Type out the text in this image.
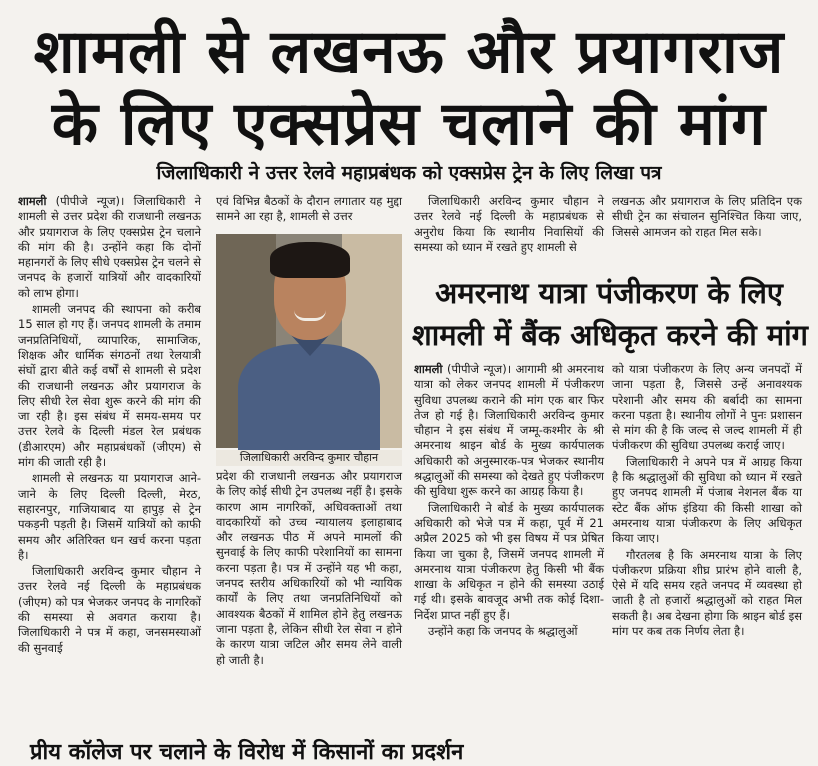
शामली से लखनऊ और प्रयागराज
के लिए एक्सप्रेस चलाने की मांग
जिलाधिकारी ने उत्तर रेलवे महाप्रबंधक को एक्सप्रेस ट्रेन के लिए लिखा पत्र

शामली (पीपीजे न्यूज)। जिलाधिकारी ने शामली से उत्तर प्रदेश की राजधानी लखनऊ और प्रयागराज के लिए एक्सप्रेस ट्रेन चलाने की मांग की है। उन्होंने कहा कि दोनों महानगरों के लिए सीधे एक्सप्रेस ट्रेन चलने से जनपद के हजारों यात्रियों और वादकारियों को लाभ होगा।

शामली जनपद की स्थापना को करीब 15 साल हो गए हैं। जनपद शामली के तमाम जनप्रतिनिधियों, व्यापारिक, सामाजिक, शिक्षक और धार्मिक संगठनों तथा रेलयात्री संघों द्वारा बीते कई वर्षों से शामली से प्रदेश की राजधानी लखनऊ और प्रयागराज के लिए सीधी रेल सेवा शुरू करने की मांग की जा रही है। इस संबंध में समय-समय पर उत्तर रेलवे के दिल्ली मंडल रेल प्रबंधक (डीआरएम) और महाप्रबंधकों (जीएम) से मांग की जाती रही है।

शामली से लखनऊ या प्रयागराज आने-जाने के लिए दिल्ली दिल्ली, मेरठ, सहारनपुर, गाजियाबाद या हापुड़ से ट्रेन पकड़नी पड़ती है। जिसमें यात्रियों को काफी समय और अतिरिक्त धन खर्च करना पड़ता है।

जिलाधिकारी अरविन्द कुमार चौहान ने उत्तर रेलवे नई दिल्ली के महाप्रबंधक (जीएम) को पत्र भेजकर जनपद के नागरिकों की समस्या से अवगत कराया है।जिलाधिकारी ने पत्र में कहा, जनसमस्याओं की सुनवाई

एवं विभिन्न बैठकों के दौरान लगातार यह मुद्दा सामने आ रहा है, शामली से उत्तर

जिलाधिकारी अरविन्द कुमार चौहान

प्रदेश की राजधानी लखनऊ और प्रयागराज के लिए कोई सीधी ट्रेन उपलब्ध नहीं है। इसके कारण आम नागरिकों, अधिवक्ताओं तथा वादकारियों को उच्च न्यायालय इलाहाबाद और लखनऊ पीठ में अपने मामलों की सुनवाई के लिए काफी परेशानियों का सामना करना पड़ता है। पत्र में उन्होंने यह भी कहा, जनपद स्तरीय अधिकारियों को भी न्यायिक कार्यों के लिए तथा जनप्रतिनिधियों को आवश्यक बैठकों में शामिल होने हेतु लखनऊ जाना पड़ता है, लेकिन सीधी रेल सेवा न होने के कारण यात्रा जटिल और समय लेने वाली हो जाती है।

जिलाधिकारी अरविन्द कुमार चौहान ने उत्तर रेलवे नई दिल्ली के महाप्रबंधक से अनुरोध किया कि स्थानीय निवासियों की समस्या को ध्यान में रखते हुए शामली से

लखनऊ और प्रयागराज के लिए प्रतिदिन एक सीधी ट्रेन का संचालन सुनिश्चित किया जाए, जिससे आमजन को राहत मिल सके।

अमरनाथ यात्रा पंजीकरण के लिए
शामली में बैंक अधिकृत करने की मांग

शामली (पीपीजे न्यूज)। आगामी श्री अमरनाथ यात्रा को लेकर जनपद शामली में पंजीकरण सुविधा उपलब्ध कराने की मांग एक बार फिर तेज हो गई है। जिलाधिकारी अरविन्द कुमार चौहान ने इस संबंध में जम्मू-कश्मीर के श्री अमरनाथ श्राइन बोर्ड के मुख्य कार्यपालक अधिकारी को अनुस्मारक-पत्र भेजकर स्थानीय श्रद्धालुओं की समस्या को देखते हुए पंजीकरण की सुविधा शुरू करने का आग्रह किया है।

जिलाधिकारी ने बोर्ड के मुख्य कार्यपालक अधिकारी को भेजे पत्र में कहा, पूर्व में 21 अप्रैल 2025 को भी इस विषय में पत्र प्रेषित किया जा चुका है, जिसमें जनपद शामली में अमरनाथ यात्रा पंजीकरण हेतु किसी भी बैंक शाखा के अधिकृत न होने की समस्या उठाई गई थी। इसके बावजूद अभी तक कोई दिशा-निर्देश प्राप्त नहीं हुए हैं।

उन्होंने कहा कि जनपद के श्रद्धालुओं

को यात्रा पंजीकरण के लिए अन्य जनपदों में जाना पड़ता है, जिससे उन्हें अनावश्यक परेशानी और समय की बर्बादी का सामना करना पड़ता है। स्थानीय लोगों ने पुनः प्रशासन से मांग की है कि जल्द से जल्द शामली में ही पंजीकरण की सुविधा उपलब्ध कराई जाए।

जिलाधिकारी ने अपने पत्र में आग्रह किया है कि श्रद्धालुओं की सुविधा को ध्यान में रखते हुए जनपद शामली में पंजाब नेशनल बैंक या स्टेट बैंक ऑफ इंडिया की किसी शाखा को अमरनाथ यात्रा पंजीकरण के लिए अधिकृत किया जाए।

गौरतलब है कि अमरनाथ यात्रा के लिए पंजीकरण प्रक्रिया शीघ्र प्रारंभ होने वाली है, ऐसे में यदि समय रहते जनपद में व्यवस्था हो जाती है तो हजारों श्रद्धालुओं को राहत मिल सकती है। अब देखना होगा कि श्राइन बोर्ड इस मांग पर कब तक निर्णय लेता है।

प्रीय कॉलेज पर चलाने के विरोध में किसानों का प्रदर्शन
